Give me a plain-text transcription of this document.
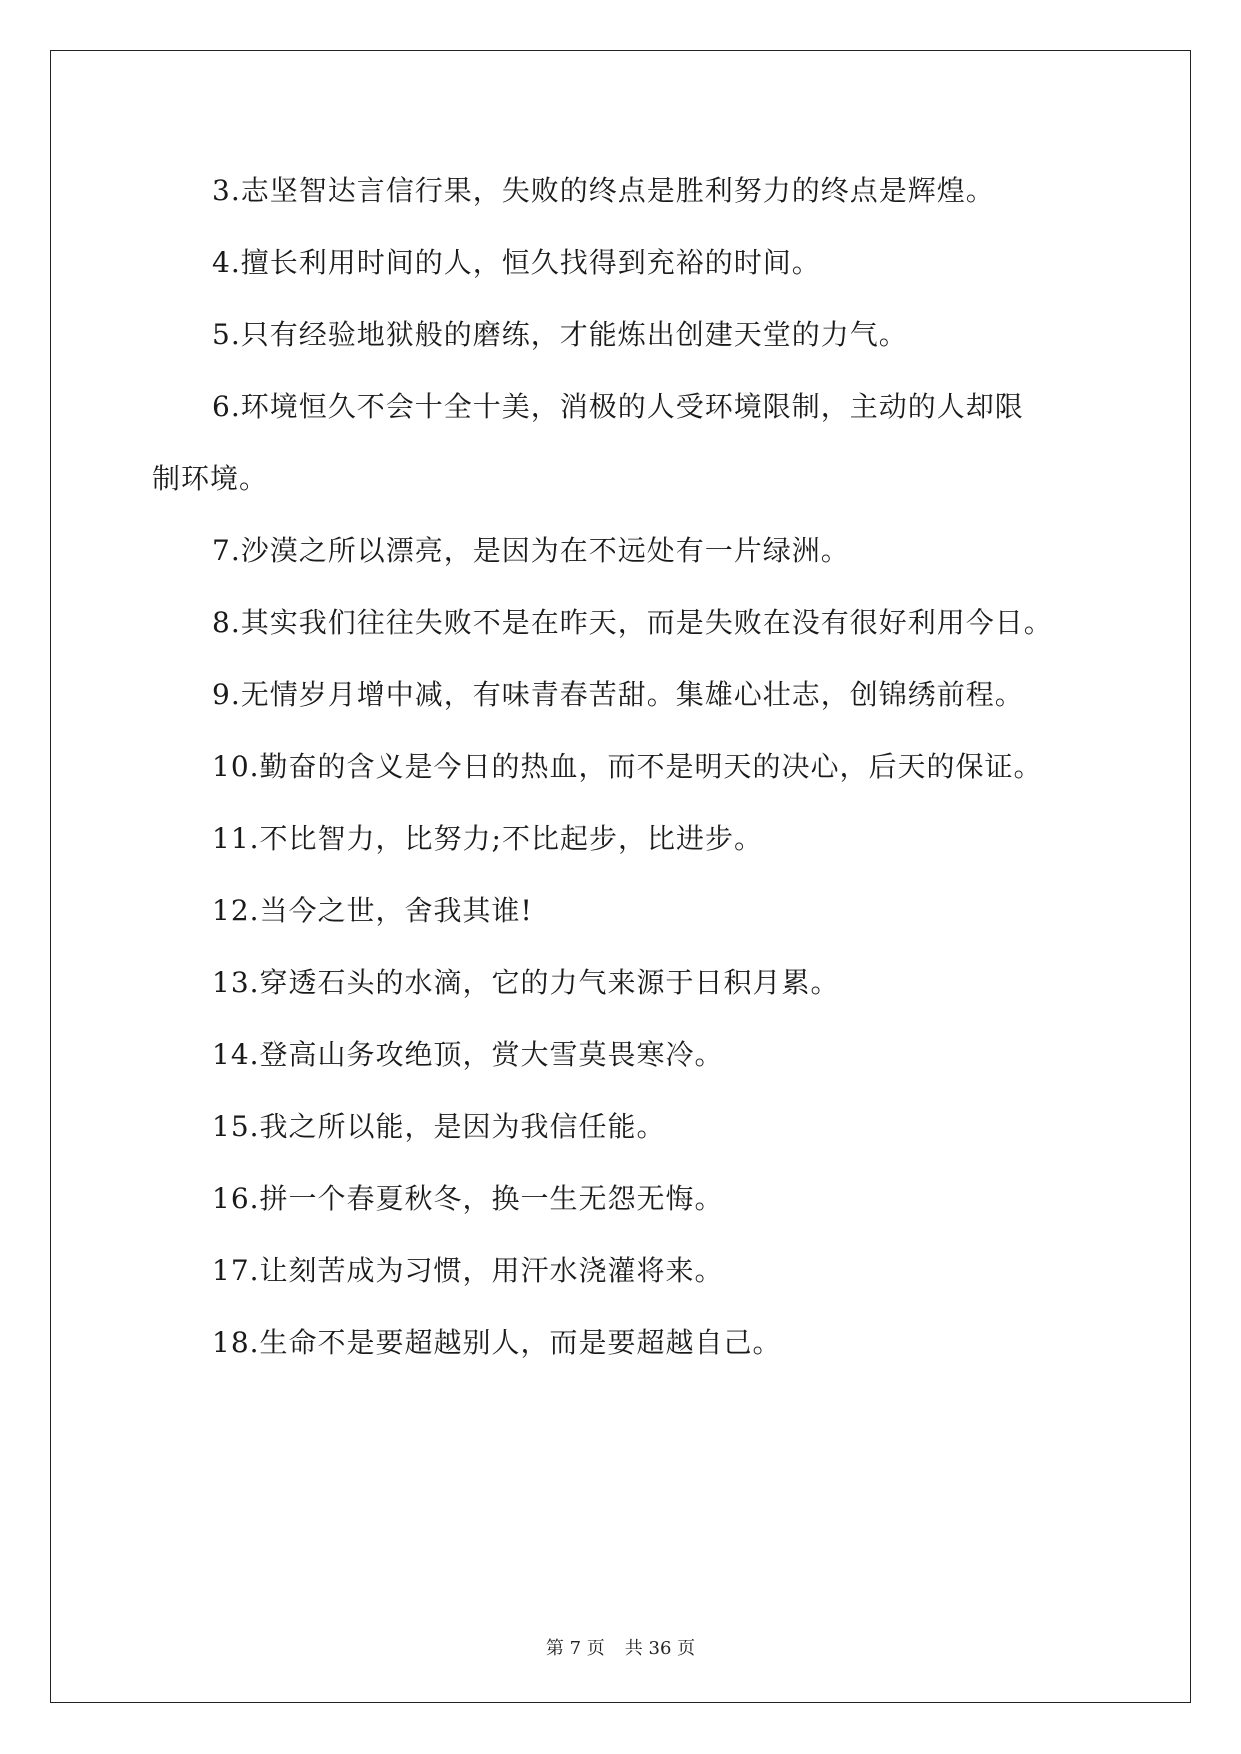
3.志坚智达言信行果，失败的终点是胜利努力的终点是辉煌。
4.擅长利用时间的人，恒久找得到充裕的时间。
5.只有经验地狱般的磨练，才能炼出创建天堂的力气。
6.环境恒久不会十全十美，消极的人受环境限制，主动的人却限
制环境。
7.沙漠之所以漂亮，是因为在不远处有一片绿洲。
8.其实我们往往失败不是在昨天，而是失败在没有很好利用今日。
9.无情岁月增中减，有味青春苦甜。集雄心壮志，创锦绣前程。
10.勤奋的含义是今日的热血，而不是明天的决心，后天的保证。
11.不比智力，比努力;不比起步，比进步。
12.当今之世，舍我其谁!
13.穿透石头的水滴，它的力气来源于日积月累。
14.登高山务攻绝顶，赏大雪莫畏寒冷。
15.我之所以能，是因为我信任能。
16.拼一个春夏秋冬，换一生无怨无悔。
17.让刻苦成为习惯，用汗水浇灌将来。
18.生命不是要超越别人，而是要超越自己。
第 7 页 共 36 页
